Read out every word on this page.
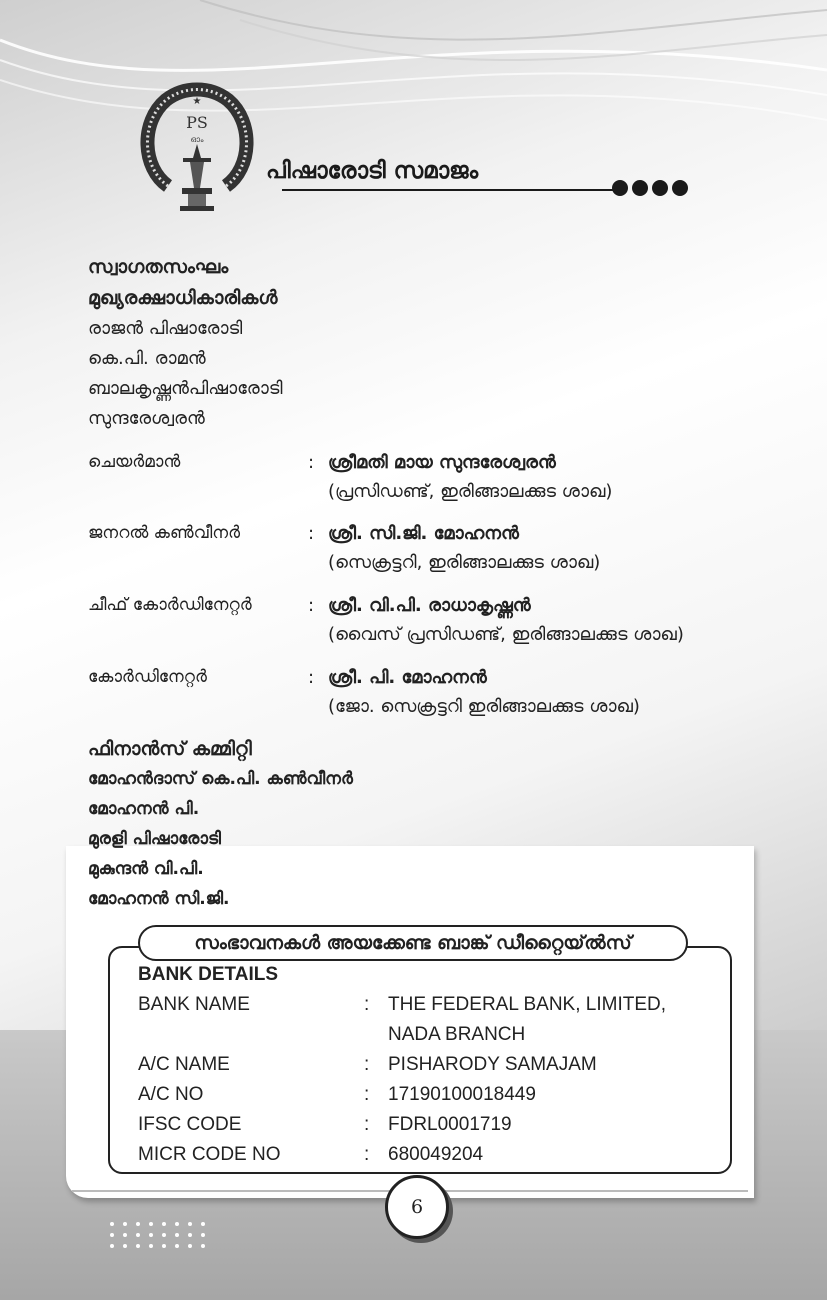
★
PS
ഓം
പിഷാരോടി സമാജം
സ്വാഗതസംഘം
മുഖ്യരക്ഷാധികാരികൾ
രാജൻ പിഷാരോടി
കെ.പി. രാമൻ
ബാലകൃഷ്ണൻപിഷാരോടി
സുന്ദരേശ്വരൻ
ചെയർമാൻ	: ശ്രീമതി മായ സുന്ദരേശ്വരൻ
(പ്രസിഡണ്ട്, ഇരിങ്ങാലക്കുട ശാഖ)
ജനറൽ കൺവീനർ	: ശ്രീ. സി.ജി. മോഹനൻ
(സെക്രട്ടറി, ഇരിങ്ങാലക്കുട ശാഖ)
ചീഫ് കോർഡിനേറ്റർ	: ശ്രീ. വി.പി. രാധാകൃഷ്ണൻ
(വൈസ് പ്രസിഡണ്ട്, ഇരിങ്ങാലക്കുട ശാഖ)
കോർഡിനേറ്റർ	: ശ്രീ. പി. മോഹനൻ
(ജോ. സെക്രട്ടറി ഇരിങ്ങാലക്കുട ശാഖ)
ഫിനാൻസ് കമ്മിറ്റി
മോഹൻദാസ് കെ.പി. കൺവീനർ
മോഹനൻ പി.
മുരളി പിഷാരോടി
മുകുന്ദൻ വി.പി.
മോഹനൻ സി.ജി.
സംഭാവനകൾ അയക്കേണ്ട ബാങ്ക് ഡീറ്റൈയ്ൽസ്
BANK DETAILS
BANK NAME	: THE FEDERAL BANK, LIMITED,
NADA BRANCH
A/C NAME	: PISHARODY SAMAJAM
A/C NO	: 17190100018449
IFSC CODE	: FDRL0001719
MICR CODE NO	: 680049204
6
